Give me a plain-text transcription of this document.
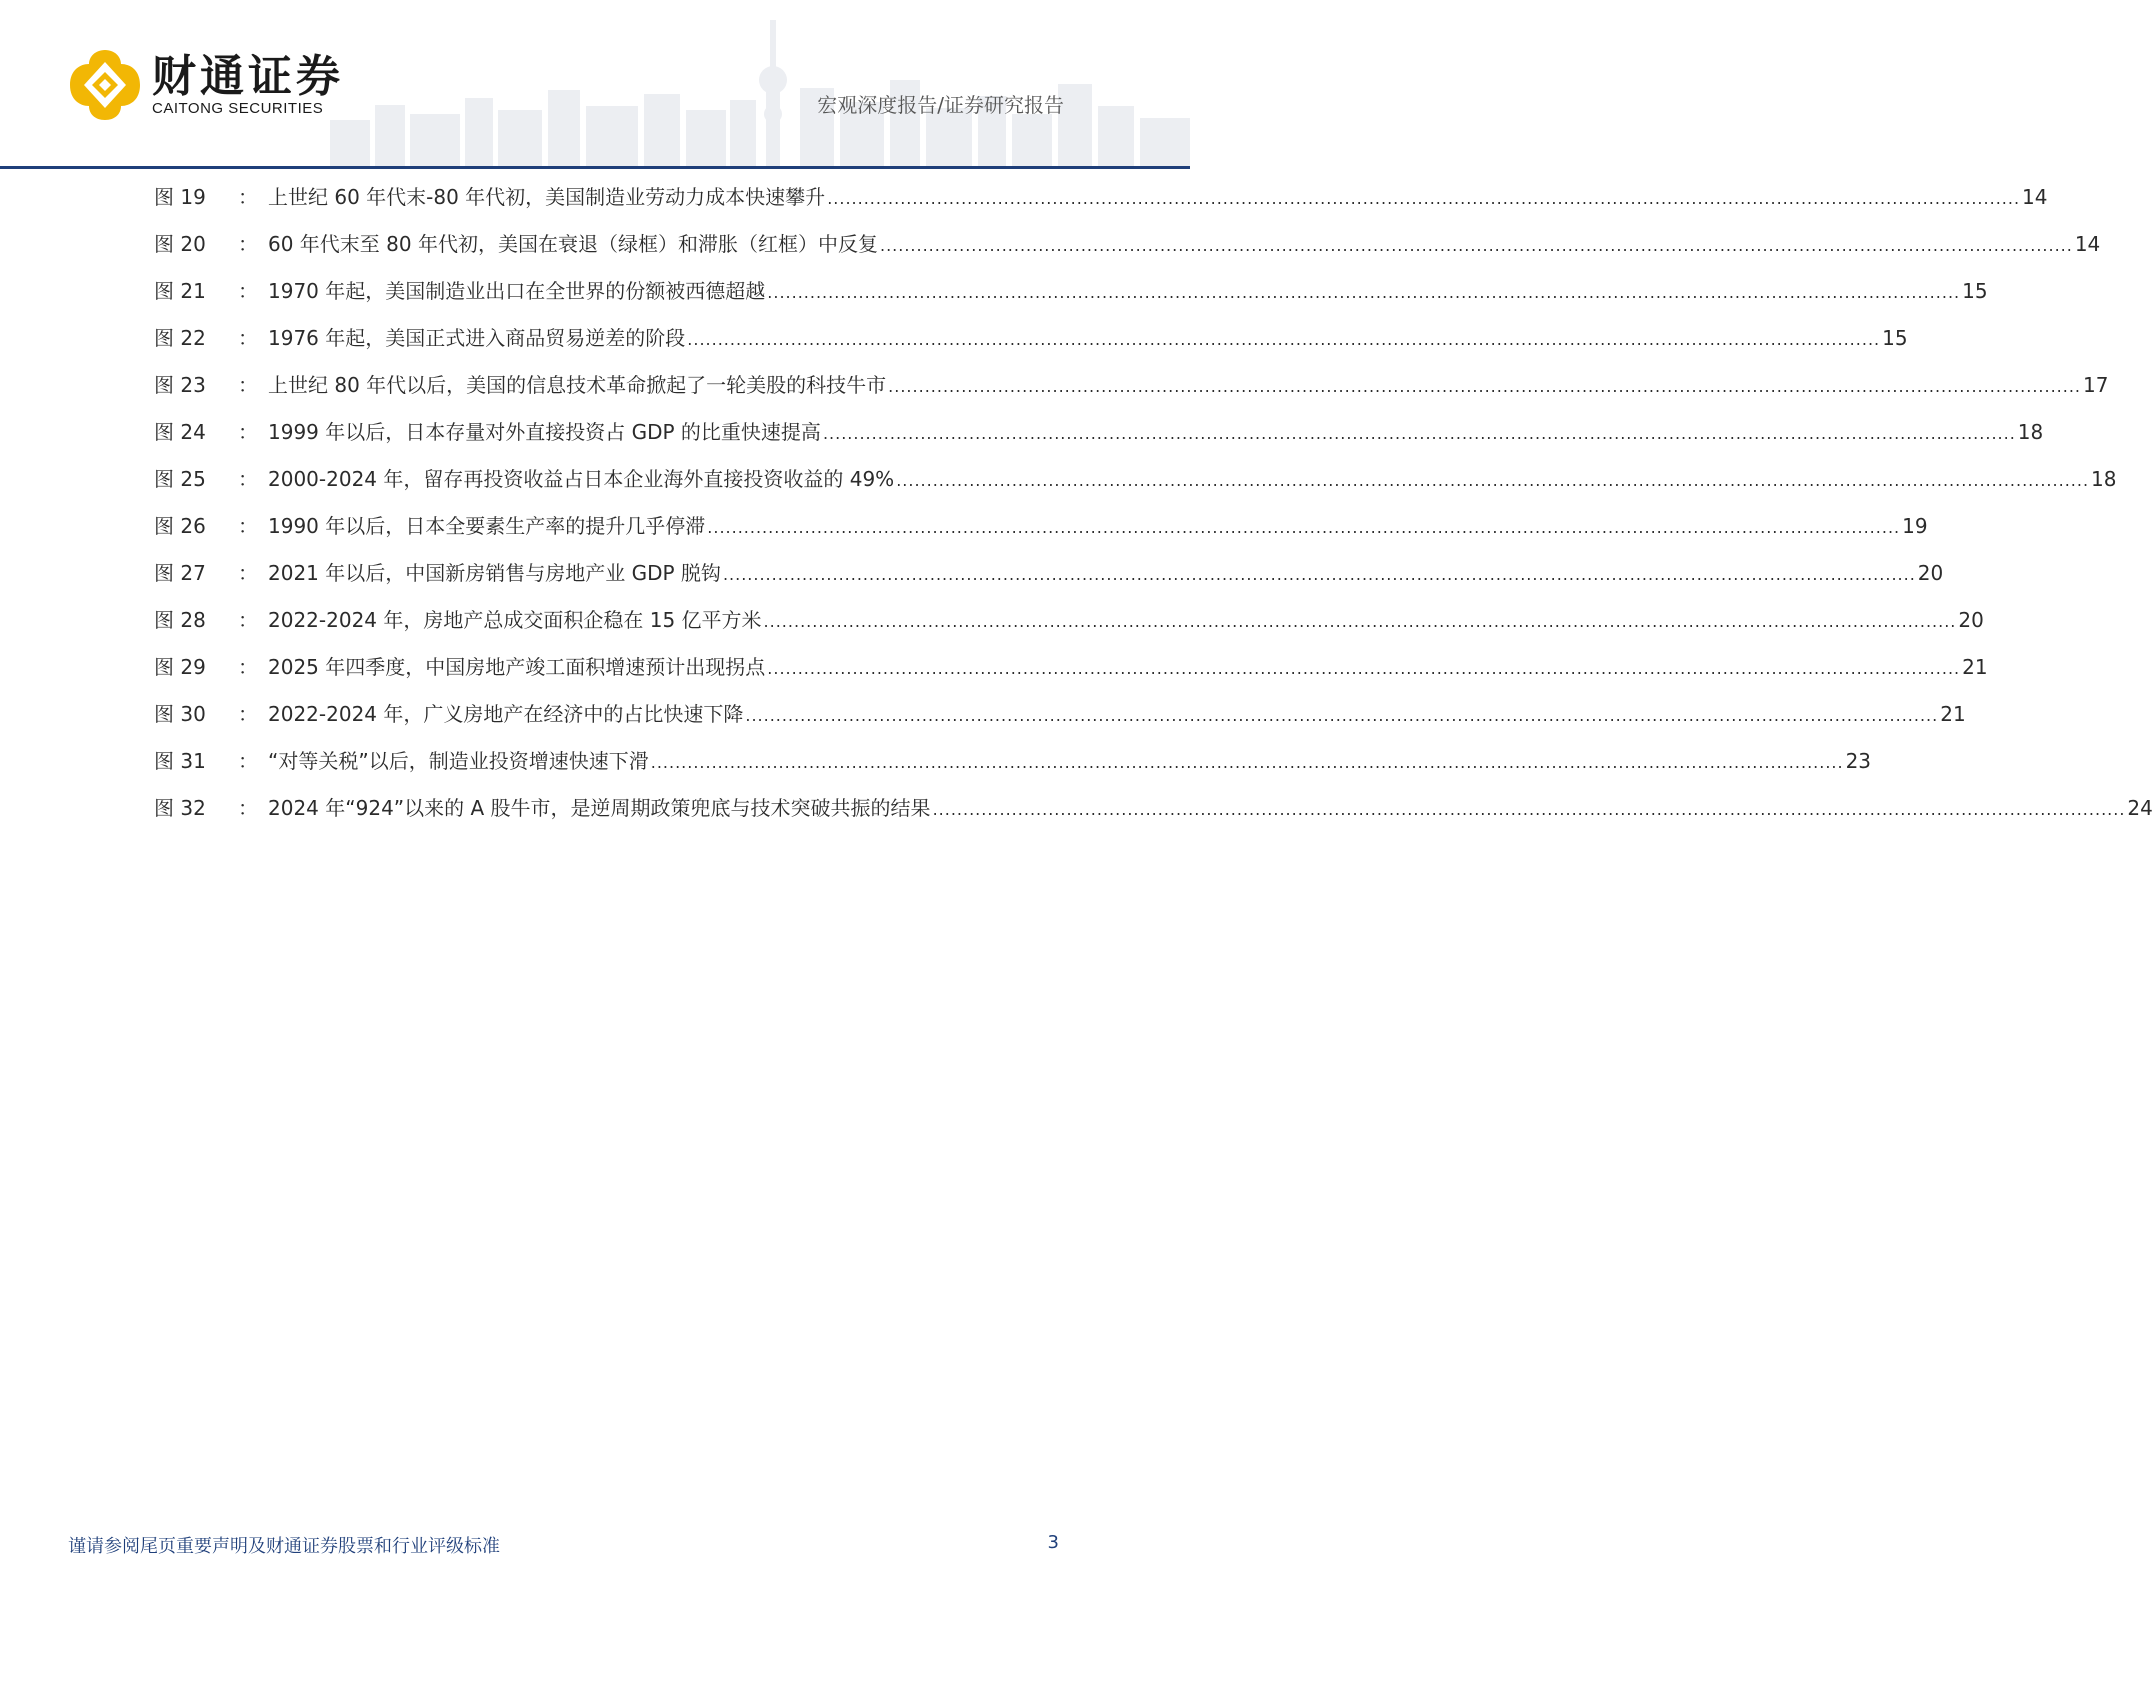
财通证券
CAITONG SECURITIES	宏观深度报告/证券研究报告
图 19	： 上世纪 60 年代末-80 年代初，美国制造业劳动力成本快速攀升 .....	14
图 20	： 60 年代末至 80 年代初，美国在衰退（绿框）和滞胀（红框）中反复 .....	14
图 21	： 1970 年起，美国制造业出口在全世界的份额被西德超越 .....	15
图 22	： 1976 年起，美国正式进入商品贸易逆差的阶段 .....	15
图 23	： 上世纪 80 年代以后，美国的信息技术革命掀起了一轮美股的科技牛市 .....	17
图 24	： 1999 年以后，日本存量对外直接投资占 GDP 的比重快速提高 .....	18
图 25	： 2000-2024 年，留存再投资收益占日本企业海外直接投资收益的 49% .....	18
图 26	： 1990 年以后，日本全要素生产率的提升几乎停滞 .....	19
图 27	： 2021 年以后，中国新房销售与房地产业 GDP 脱钩 .....	20
图 28	： 2022-2024 年，房地产总成交面积企稳在 15 亿平方米 .....	20
图 29	： 2025 年四季度，中国房地产竣工面积增速预计出现拐点 .....	21
图 30	： 2022-2024 年，广义房地产在经济中的占比快速下降 .....	21
图 31	： “对等关税”以后，制造业投资增速快速下滑 .....	23
图 32	： 2024 年“924”以来的 A 股牛市，是逆周期政策兜底与技术突破共振的结果 .....	24
谨请参阅尾页重要声明及财通证券股票和行业评级标准	3
